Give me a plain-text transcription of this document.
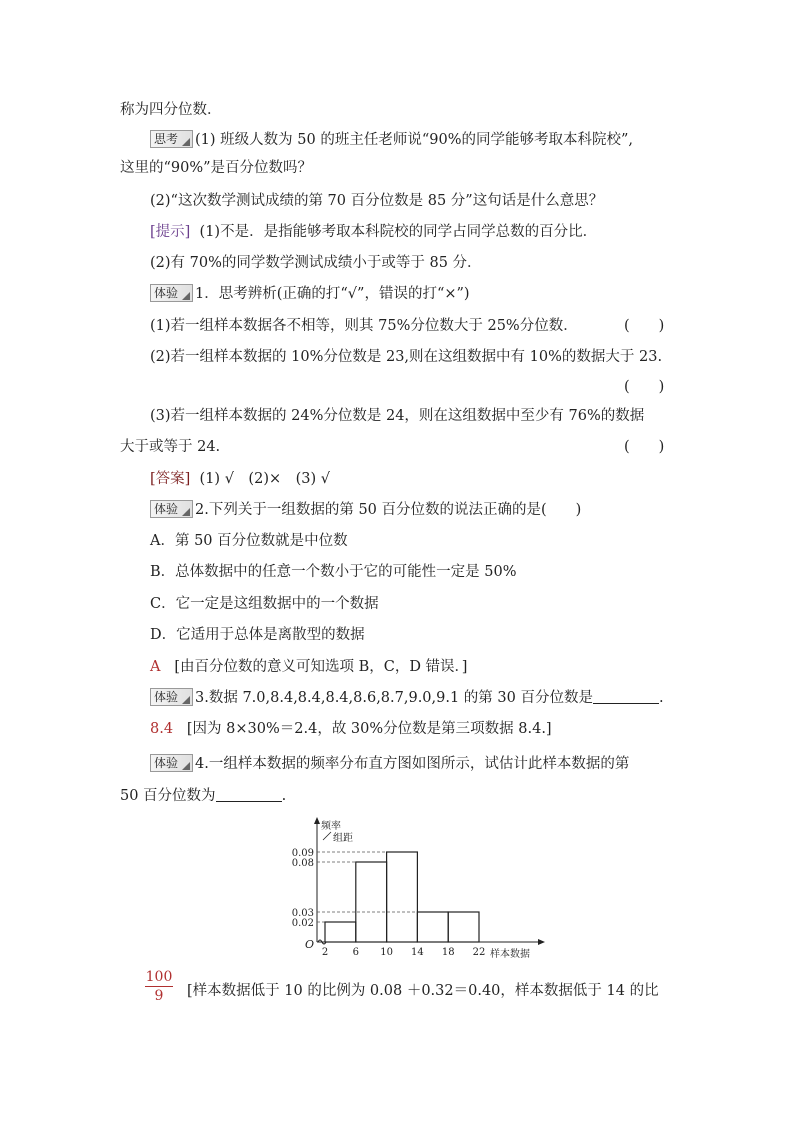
称为四分位数．
思考 (1) 班级人数为 50 的班主任老师说“90%的同学能够考取本科院校”,
这里的“90%”是百分位数吗？
(2)“这次数学测试成绩的第 70 百分位数是 85 分”这句话是什么意思？
[提示] (1)不是．是指能够考取本科院校的同学占同学总数的百分比．
(2)有 70%的同学数学测试成绩小于或等于 85 分．
体验 1．思考辨析(正确的打“√”，错误的打“×”)
(1)若一组样本数据各不相等，则其 75%分位数大于 25%分位数．	(　　)
(2)若一组样本数据的 10%分位数是 23,则在这组数据中有 10%的数据大于 23.
(　　)
(3)若一组样本数据的 24%分位数是 24，则在这组数据中至少有 76%的数据
大于或等于 24.	(　　)
[答案] (1) √　(2)×　(3) √
体验 2.下列关于一组数据的第 50 百分位数的说法正确的是(　　)
A．第 50 百分位数就是中位数
B．总体数据中的任意一个数小于它的可能性一定是 50%
C．它一定是这组数据中的一个数据
D．它适用于总体是离散型的数据
A [由百分位数的意义可知选项 B，C，D 错误．]
体验 3.数据 7.0,8.4,8.4,8.4,8.6,8.7,9.0,9.1 的第 30 百分位数是	.
8.4 [因为 8×30%＝2.4，故 30%分位数是第三项数据 8.4.]
体验 4.一组样本数据的频率分布直方图如图所示，试估计此样本数据的第
50 百分位数为	.
0.02
0.03
0.08
0.09
2 6 10 14 18 22
O
频率
组距
样本数据
$\frac{100}{9}$ [样本数据低于 10 的比例为 0.08 ＋0.32＝0.40，样本数据低于 14 的比
